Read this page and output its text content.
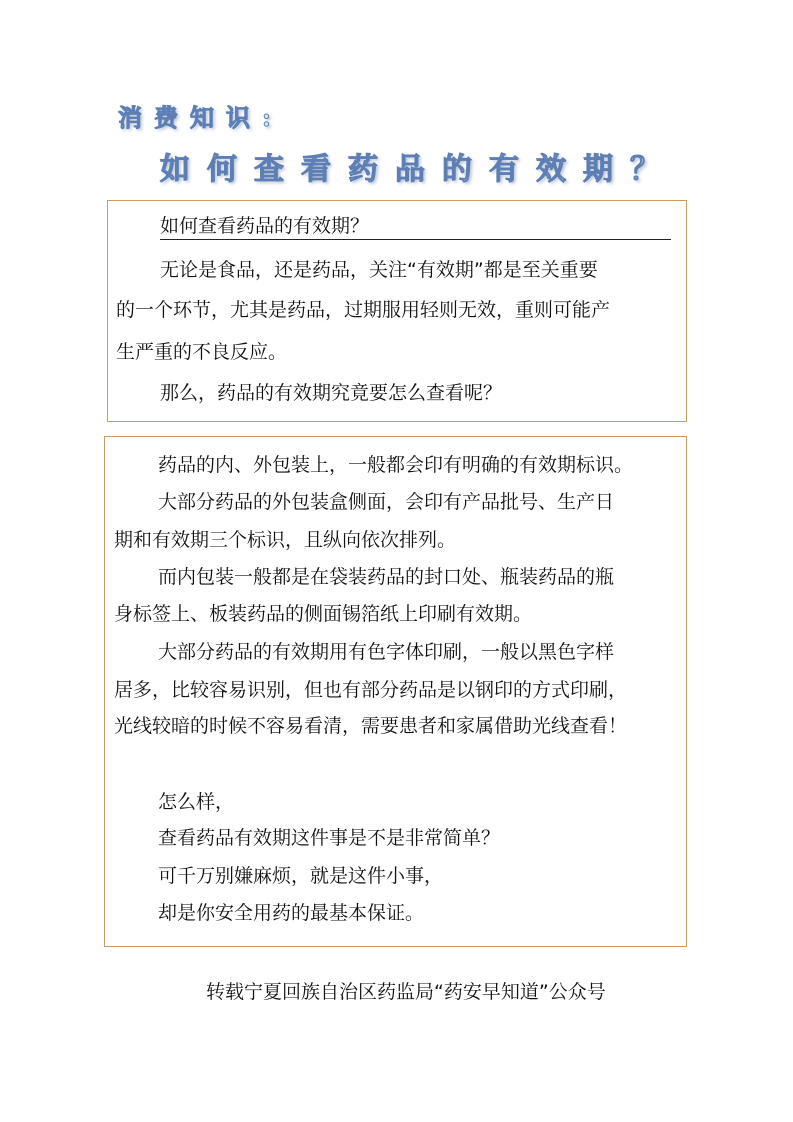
消费知识:
如何查看药品的有效期？
如何查看药品的有效期？
无论是食品，还是药品，关注“有效期”都是至关重要
的一个环节，尤其是药品，过期服用轻则无效，重则可能产
生严重的不良反应。
那么，药品的有效期究竟要怎么查看呢？
药品的内、外包装上，一般都会印有明确的有效期标识。
大部分药品的外包装盒侧面，会印有产品批号、生产日
期和有效期三个标识，且纵向依次排列。
而内包装一般都是在袋装药品的封口处、瓶装药品的瓶
身标签上、板装药品的侧面锡箔纸上印刷有效期。
大部分药品的有效期用有色字体印刷，一般以黑色字样
居多，比较容易识别，但也有部分药品是以钢印的方式印刷，
光线较暗的时候不容易看清，需要患者和家属借助光线查看！
怎么样，
查看药品有效期这件事是不是非常简单？
可千万别嫌麻烦，就是这件小事，
却是你安全用药的最基本保证。
转载宁夏回族自治区药监局“药安早知道”公众号
